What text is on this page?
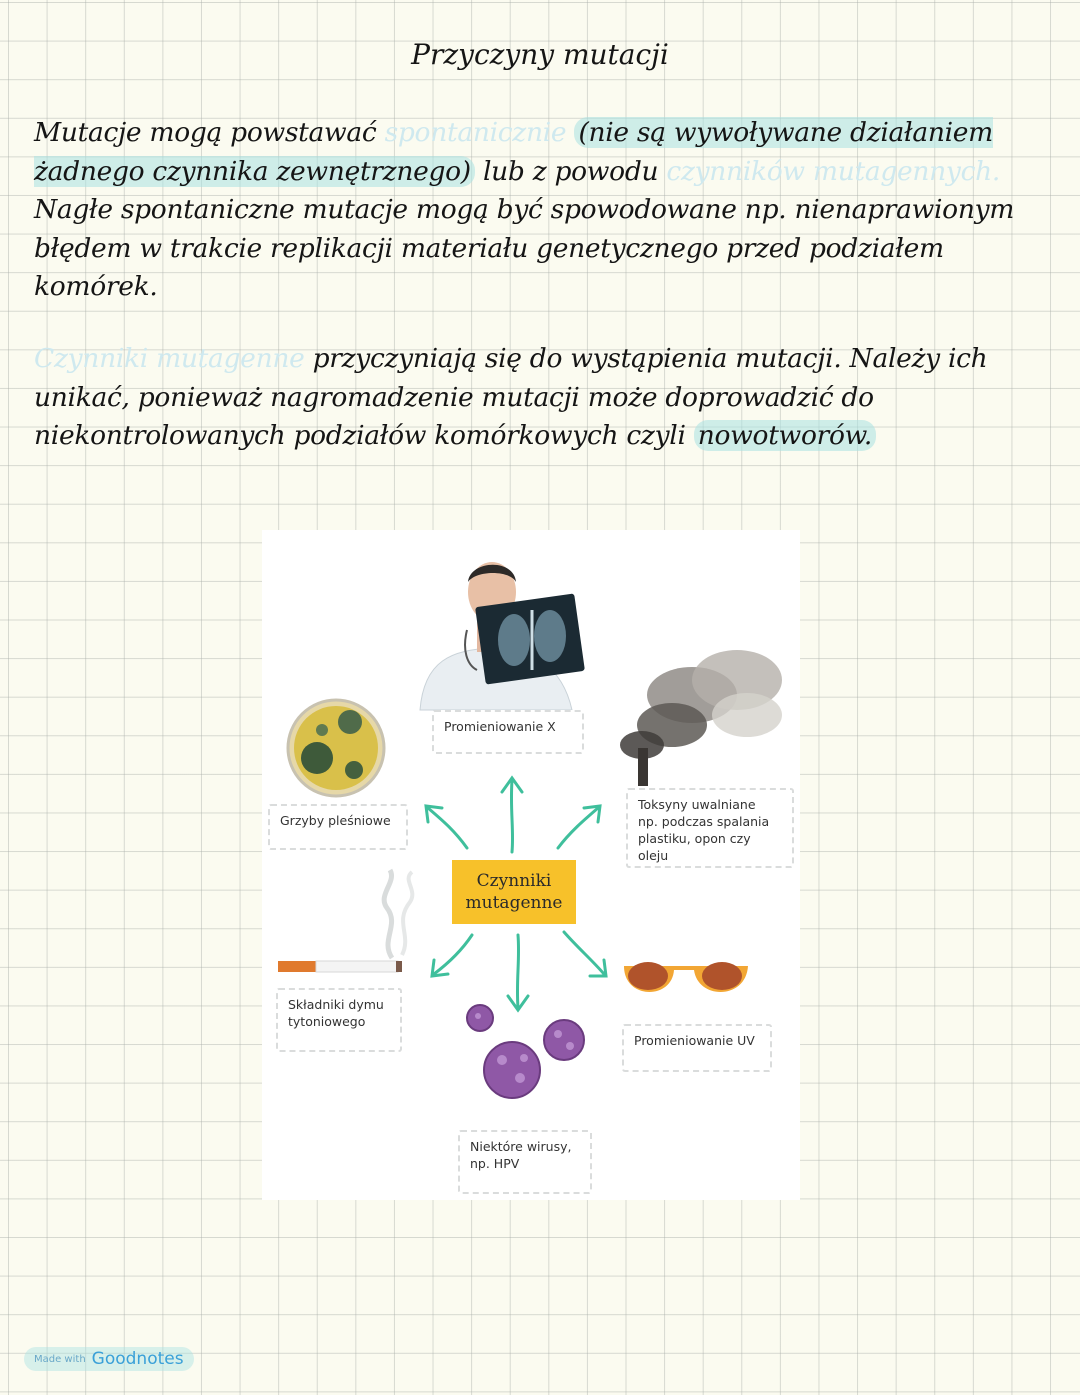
Przyczyny mutacji
Mutacje mogą powstawać spontanicznie (nie są wywoływane działaniem żadnego czynnika zewnętrznego) lub z powodu czynników mutagennych. Nagłe spontaniczne mutacje mogą być spowodowane np. nienaprawionym błędem w trakcie replikacji materiału genetycznego przed podziałem komórek.
Czynniki mutagenne przyczyniają się do wystąpienia mutacji. Należy ich unikać, ponieważ nagromadzenie mutacji może doprowadzić do niekontrolowanych podziałów komórkowych czyli nowotworów.
Czynniki
mutagenne
Promieniowanie X
Grzyby pleśniowe
Toksyny uwalniane
np. podczas spalania
plastiku, opon czy oleju
Składniki dymu
tytoniowego
Promieniowanie UV
Niektóre wirusy,
np. HPV
Made with Goodnotes
